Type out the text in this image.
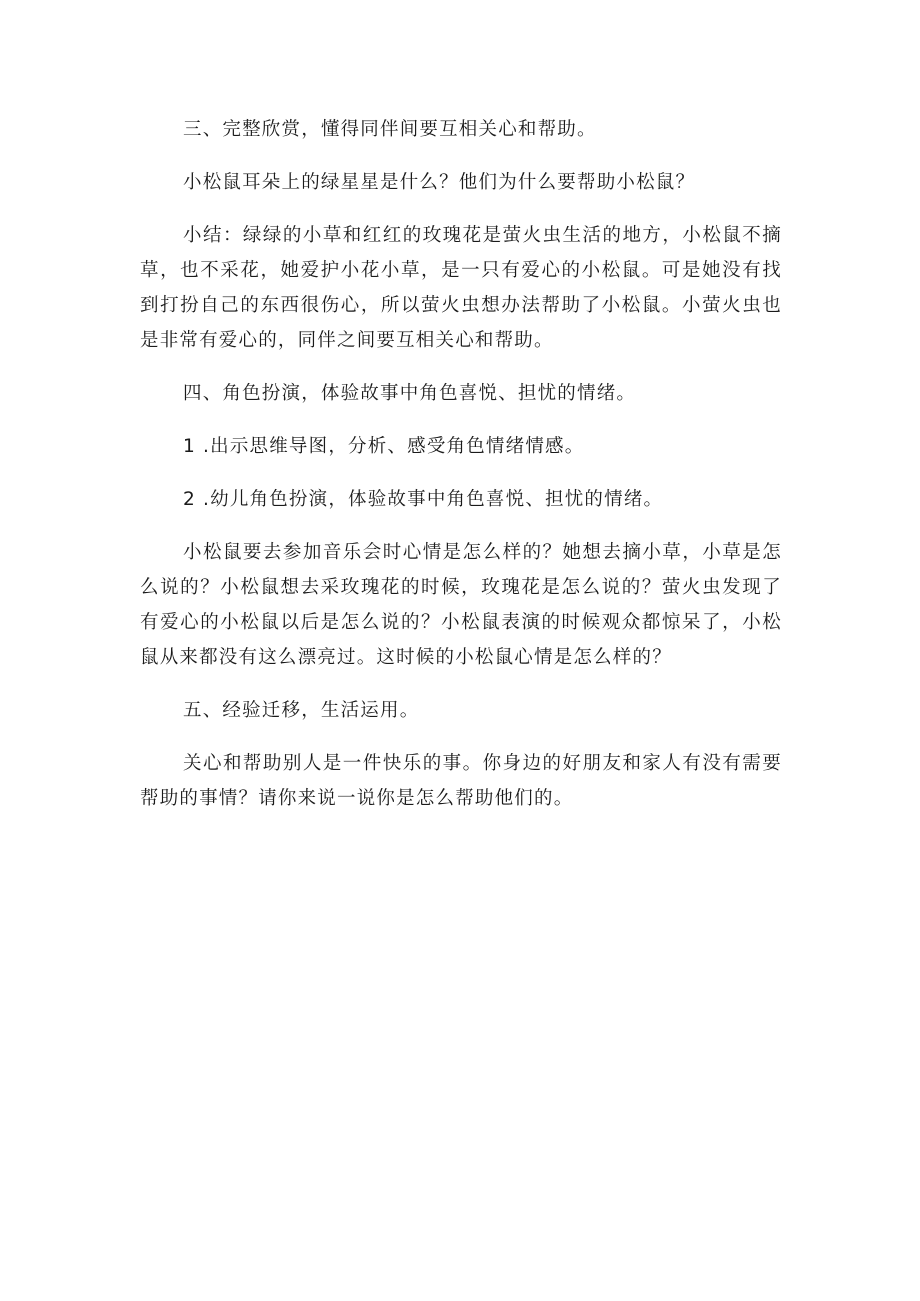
三、完整欣赏，懂得同伴间要互相关心和帮助。

小松鼠耳朵上的绿星星是什么？他们为什么要帮助小松鼠？

小结：绿绿的小草和红红的玫瑰花是萤火虫生活的地方，小松鼠不摘草，也不采花，她爱护小花小草，是一只有爱心的小松鼠。可是她没有找到打扮自己的东西很伤心，所以萤火虫想办法帮助了小松鼠。小萤火虫也是非常有爱心的，同伴之间要互相关心和帮助。

四、角色扮演，体验故事中角色喜悦、担忧的情绪。

1 .出示思维导图，分析、感受角色情绪情感。

2 .幼儿角色扮演，体验故事中角色喜悦、担忧的情绪。

小松鼠要去参加音乐会时心情是怎么样的？她想去摘小草，小草是怎么说的？小松鼠想去采玫瑰花的时候，玫瑰花是怎么说的？萤火虫发现了有爱心的小松鼠以后是怎么说的？小松鼠表演的时候观众都惊呆了，小松鼠从来都没有这么漂亮过。这时候的小松鼠心情是怎么样的？

五、经验迁移，生活运用。

关心和帮助别人是一件快乐的事。你身边的好朋友和家人有没有需要帮助的事情？请你来说一说你是怎么帮助他们的。
